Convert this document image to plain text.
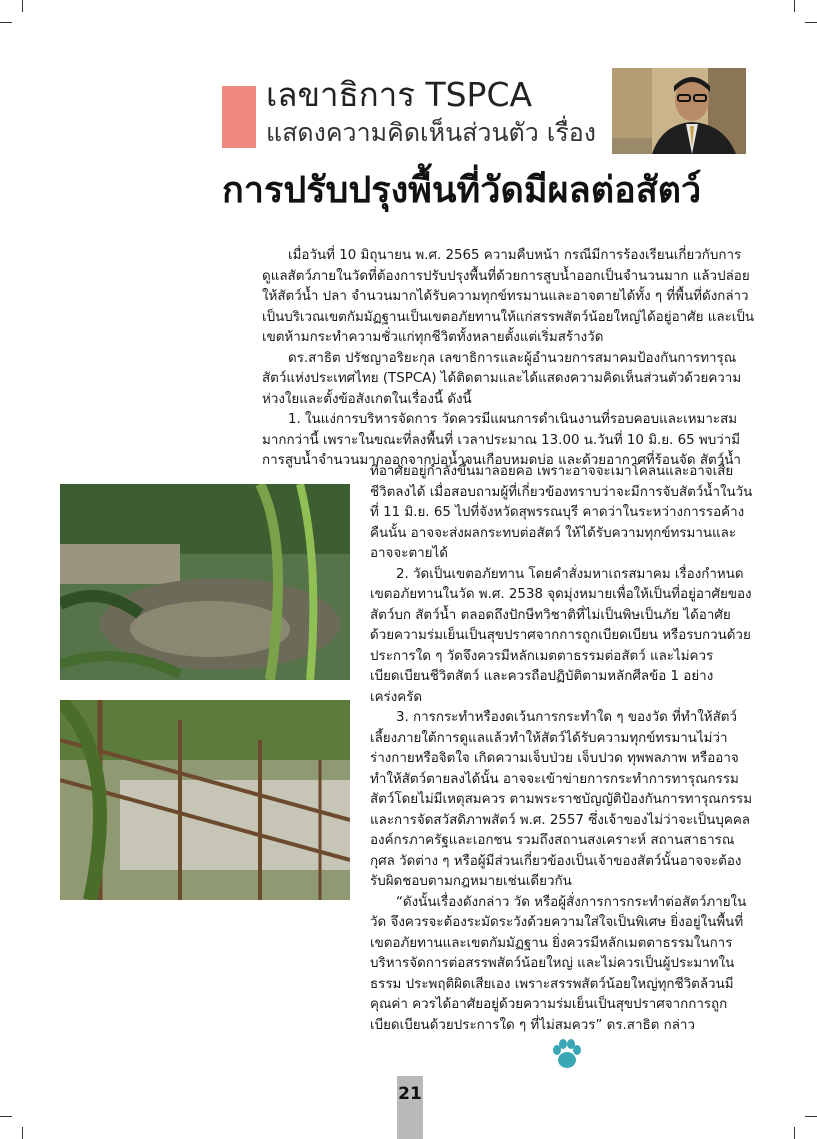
เลขาธิการ TSPCA
แสดงความคิดเห็นส่วนตัว เรื่อง
การปรับปรุงพื้นที่วัดมีผลต่อสัตว์

เมื่อวันที่ 10 มิถุนายน พ.ศ. 2565 ความคืบหน้า กรณีมีการร้องเรียนเกี่ยวกับการดูแลสัตว์ภายในวัดที่ต้องการปรับปรุงพื้นที่ด้วยการสูบน้ำออกเป็นจำนวนมาก แล้วปล่อยให้สัตว์น้ำ ปลา จำนวนมากได้รับความทุกข์ทรมานและอาจตายได้ทั้ง ๆ ที่พื้นที่ดังกล่าวเป็นบริเวณเขตกัมมัฏฐานเป็นเขตอภัยทานให้แก่สรรพสัตว์น้อยใหญ่ได้อยู่อาศัย และเป็นเขตห้ามกระทำความชั่วแก่ทุกชีวิตทั้งหลายตั้งแต่เริ่มสร้างวัด

ดร.สาธิต ปรัชญาอริยะกุล เลขาธิการและผู้อำนวยการสมาคมป้องกันการทารุณสัตว์แห่งประเทศไทย (TSPCA) ได้ติดตามและได้แสดงความคิดเห็นส่วนตัวด้วยความห่วงใยและตั้งข้อสังเกตในเรื่องนี้ ดังนี้

1. ในแง่การบริหารจัดการ วัดควรมีแผนการดำเนินงานที่รอบคอบและเหมาะสมมากกว่านี้ เพราะในขณะที่ลงพื้นที่ เวลาประมาณ 13.00 น.วันที่ 10 มิ.ย. 65 พบว่ามีการสูบน้ำจำนวนมากออกจากบ่อน้ำจนเกือบหมดบ่อ และด้วยอากาศที่ร้อนจัด สัตว์น้ำ

ที่อาศัยอยู่กำลังขึ้นมาลอยคอ เพราะอาจจะเมาโคลนและอาจเสียชีวิตลงได้ เมื่อสอบถามผู้ที่เกี่ยวข้องทราบว่าจะมีการจับสัตว์น้ำในวันที่ 11 มิ.ย. 65 ไปที่จังหวัดสุพรรณบุรี คาดว่าในระหว่างการรอค้างคืนนั้น อาจจะส่งผลกระทบต่อสัตว์ ให้ได้รับความทุกข์ทรมานและอาจจะตายได้

2. วัดเป็นเขตอภัยทาน โดยคำสั่งมหาเถรสมาคม เรื่องกำหนดเขตอภัยทานในวัด พ.ศ. 2538 จุดมุ่งหมายเพื่อให้เป็นที่อยู่อาศัยของสัตว์บก สัตว์น้ำ ตลอดถึงปักษีทวิชาติที่ไม่เป็นพิษเป็นภัย ได้อาศัยด้วยความร่มเย็นเป็นสุขปราศจากการถูกเบียดเบียน หรือรบกวนด้วยประการใด ๆ วัดจึงควรมีหลักเมตตาธรรมต่อสัตว์ และไม่ควรเบียดเบียนชีวิตสัตว์ และควรถือปฏิบัติตามหลักศีลข้อ 1 อย่างเคร่งครัด

3. การกระทำหรืองดเว้นการกระทำใด ๆ ของวัด ที่ทำให้สัตว์เลี้ยงภายใต้การดูแลแล้วทำให้สัตว์ได้รับความทุกข์ทรมานไม่ว่าร่างกายหรือจิตใจ เกิดความเจ็บป่วย เจ็บปวด ทุพพลภาพ หรืออาจทำให้สัตว์ตายลงได้นั้น อาจจะเข้าข่ายการกระทำการทารุณกรรมสัตว์โดยไม่มีเหตุสมควร ตามพระราชบัญญัติป้องกันการทารุณกรรมและการจัดสวัสดิภาพสัตว์ พ.ศ. 2557 ซึ่งเจ้าของไม่ว่าจะเป็นบุคคล องค์กรภาครัฐและเอกชน รวมถึงสถานสงเคราะห์ สถานสาธารณกุศล วัดต่าง ๆ หรือผู้มีส่วนเกี่ยวข้องเป็นเจ้าของสัตว์นั้นอาจจะต้องรับผิดชอบตามกฎหมายเช่นเดียวกัน

“ดังนั้นเรื่องดังกล่าว วัด หรือผู้สั่งการการกระทำต่อสัตว์ภายในวัด จึงควรจะต้องระมัดระวังด้วยความใส่ใจเป็นพิเศษ ยิ่งอยู่ในพื้นที่เขตอภัยทานและเขตกัมมัฏฐาน ยิ่งควรมีหลักเมตตาธรรมในการบริหารจัดการต่อสรรพสัตว์น้อยใหญ่ และไม่ควรเป็นผู้ประมาทในธรรม ประพฤติผิดเสียเอง เพราะสรรพสัตว์น้อยใหญ่ทุกชีวิตล้วนมีคุณค่า ควรได้อาศัยอยู่ด้วยความร่มเย็นเป็นสุขปราศจากการถูกเบียดเบียนด้วยประการใด ๆ ที่ไม่สมควร” ดร.สาธิต กล่าว

21
